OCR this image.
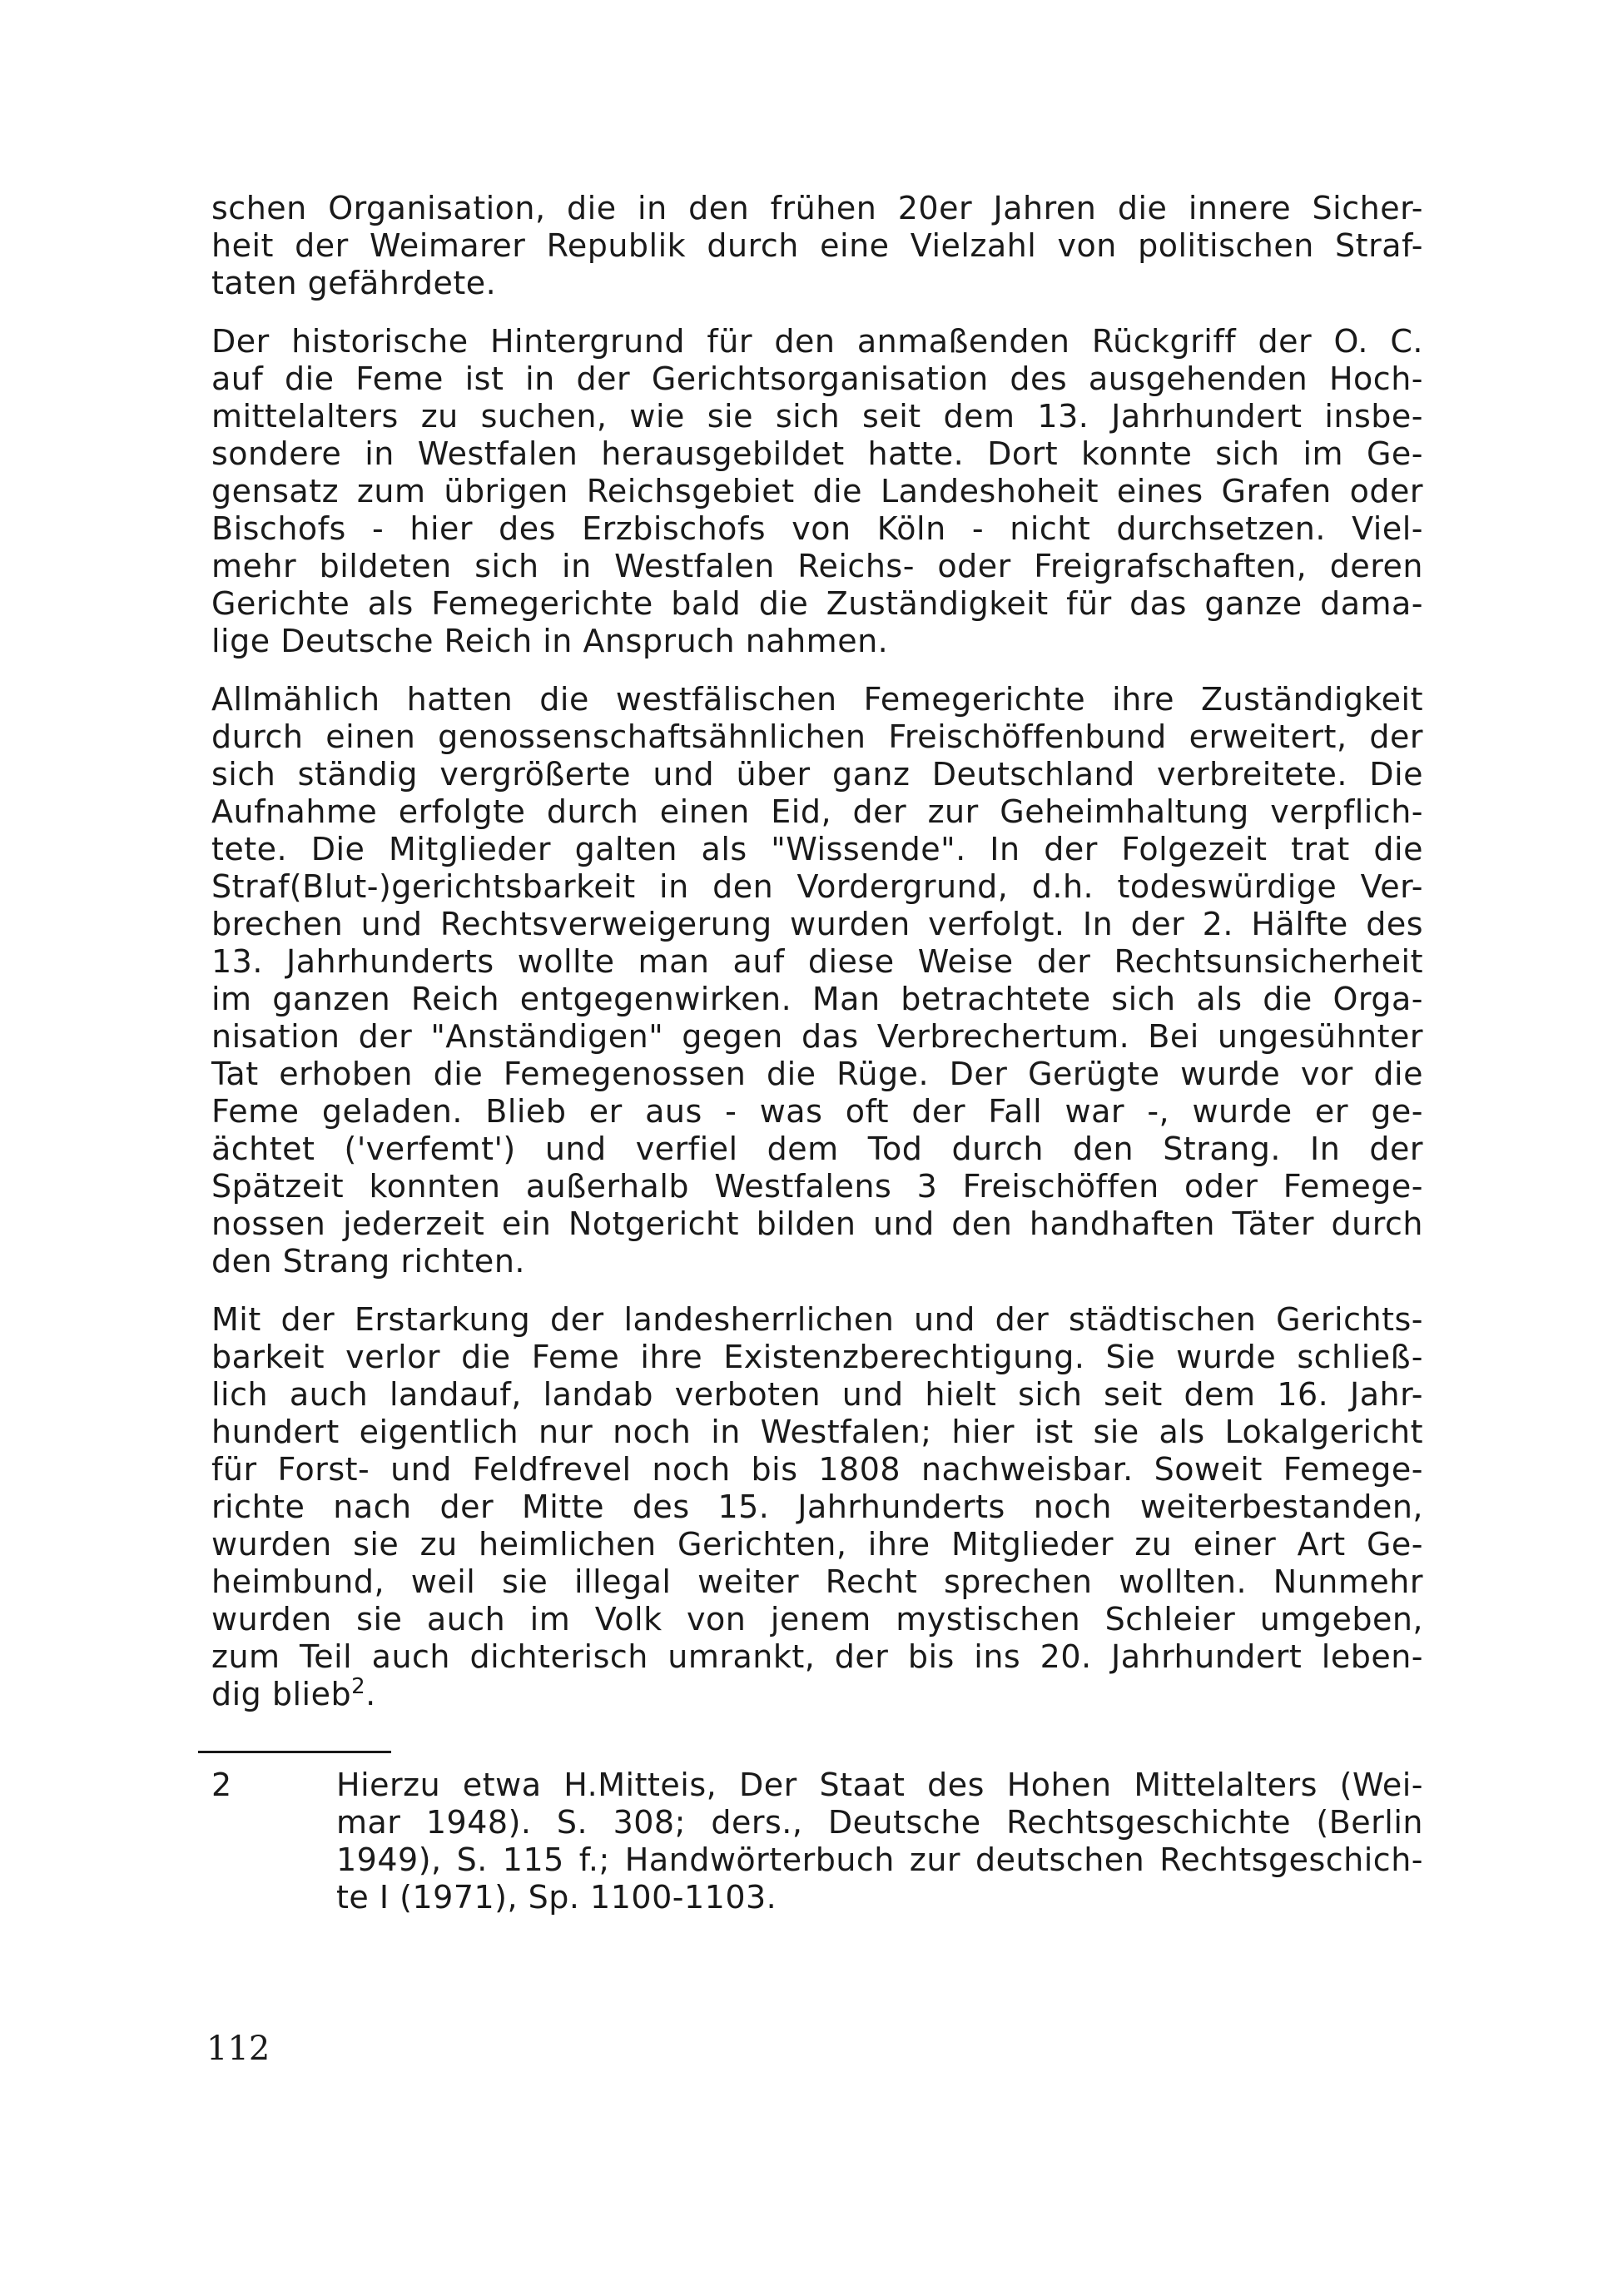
schen Organisation, die in den frühen 20er Jahren die innere Sicher-
heit der Weimarer Republik durch eine Vielzahl von politischen Straf-
taten gefährdete.
Der historische Hintergrund für den anmaßenden Rückgriff der O. C.
auf die Feme ist in der Gerichtsorganisation des ausgehenden Hoch-
mittelalters zu suchen, wie sie sich seit dem 13. Jahrhundert insbe-
sondere in Westfalen herausgebildet hatte. Dort konnte sich im Ge-
gensatz zum übrigen Reichsgebiet die Landeshoheit eines Grafen oder
Bischofs - hier des Erzbischofs von Köln - nicht durchsetzen. Viel-
mehr bildeten sich in Westfalen Reichs- oder Freigrafschaften, deren
Gerichte als Femegerichte bald die Zuständigkeit für das ganze dama-
lige Deutsche Reich in Anspruch nahmen.
Allmählich hatten die westfälischen Femegerichte ihre Zuständigkeit
durch einen genossenschaftsähnlichen Freischöffenbund erweitert, der
sich ständig vergrößerte und über ganz Deutschland verbreitete. Die
Aufnahme erfolgte durch einen Eid, der zur Geheimhaltung verpflich-
tete. Die Mitglieder galten als "Wissende". In der Folgezeit trat die
Straf(Blut-)gerichtsbarkeit in den Vordergrund, d.h. todeswürdige Ver-
brechen und Rechtsverweigerung wurden verfolgt. In der 2. Hälfte des
13. Jahrhunderts wollte man auf diese Weise der Rechtsunsicherheit
im ganzen Reich entgegenwirken. Man betrachtete sich als die Orga-
nisation der "Anständigen" gegen das Verbrechertum. Bei ungesühnter
Tat erhoben die Femegenossen die Rüge. Der Gerügte wurde vor die
Feme geladen. Blieb er aus - was oft der Fall war -, wurde er ge-
ächtet ('verfemt') und verfiel dem Tod durch den Strang. In der
Spätzeit konnten außerhalb Westfalens 3 Freischöffen oder Femege-
nossen jederzeit ein Notgericht bilden und den handhaften Täter durch
den Strang richten.
Mit der Erstarkung der landesherrlichen und der städtischen Gerichts-
barkeit verlor die Feme ihre Existenzberechtigung. Sie wurde schließ-
lich auch landauf, landab verboten und hielt sich seit dem 16. Jahr-
hundert eigentlich nur noch in Westfalen; hier ist sie als Lokalgericht
für Forst- und Feldfrevel noch bis 1808 nachweisbar. Soweit Femege-
richte nach der Mitte des 15. Jahrhunderts noch weiterbestanden,
wurden sie zu heimlichen Gerichten, ihre Mitglieder zu einer Art Ge-
heimbund, weil sie illegal weiter Recht sprechen wollten. Nunmehr
wurden sie auch im Volk von jenem mystischen Schleier umgeben,
zum Teil auch dichterisch umrankt, der bis ins 20. Jahrhundert leben-
dig blieb$^2$.
2	Hierzu etwa H.Mitteis, Der Staat des Hohen Mittelalters (Wei-
mar 1948). S. 308; ders., Deutsche Rechtsgeschichte (Berlin
1949), S. 115 f.; Handwörterbuch zur deutschen Rechtsgeschich-
te I (1971), Sp. 1100-1103.
112
